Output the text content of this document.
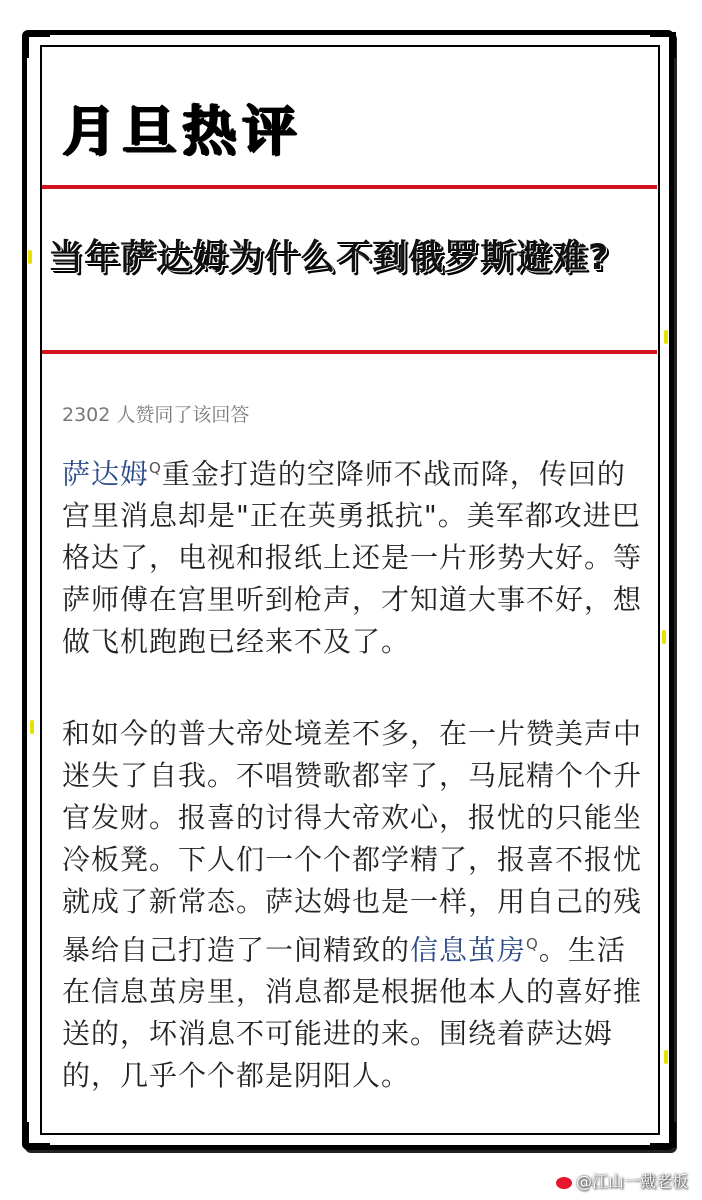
月旦热评
当年萨达姆为什么不到俄罗斯避难?
2302 人赞同了该回答
萨达姆$^Q$重金打造的空降师不战而降，传回的宫里消息却是"正在英勇抵抗"。美军都攻进巴格达了，电视和报纸上还是一片形势大好。等萨师傅在宫里听到枪声，才知道大事不好，想做飞机跑跑已经来不及了。
和如今的普大帝处境差不多，在一片赞美声中迷失了自我。不唱赞歌都宰了，马屁精个个升官发财。报喜的讨得大帝欢心，报忧的只能坐冷板凳。下人们一个个都学精了，报喜不报忧就成了新常态。萨达姆也是一样，用自己的残暴给自己打造了一间精致的信息茧房$^Q$。生活在信息茧房里，消息都是根据他本人的喜好推送的，坏消息不可能进的来。围绕着萨达姆的，几乎个个都是阴阳人。
@江山一戴老板
